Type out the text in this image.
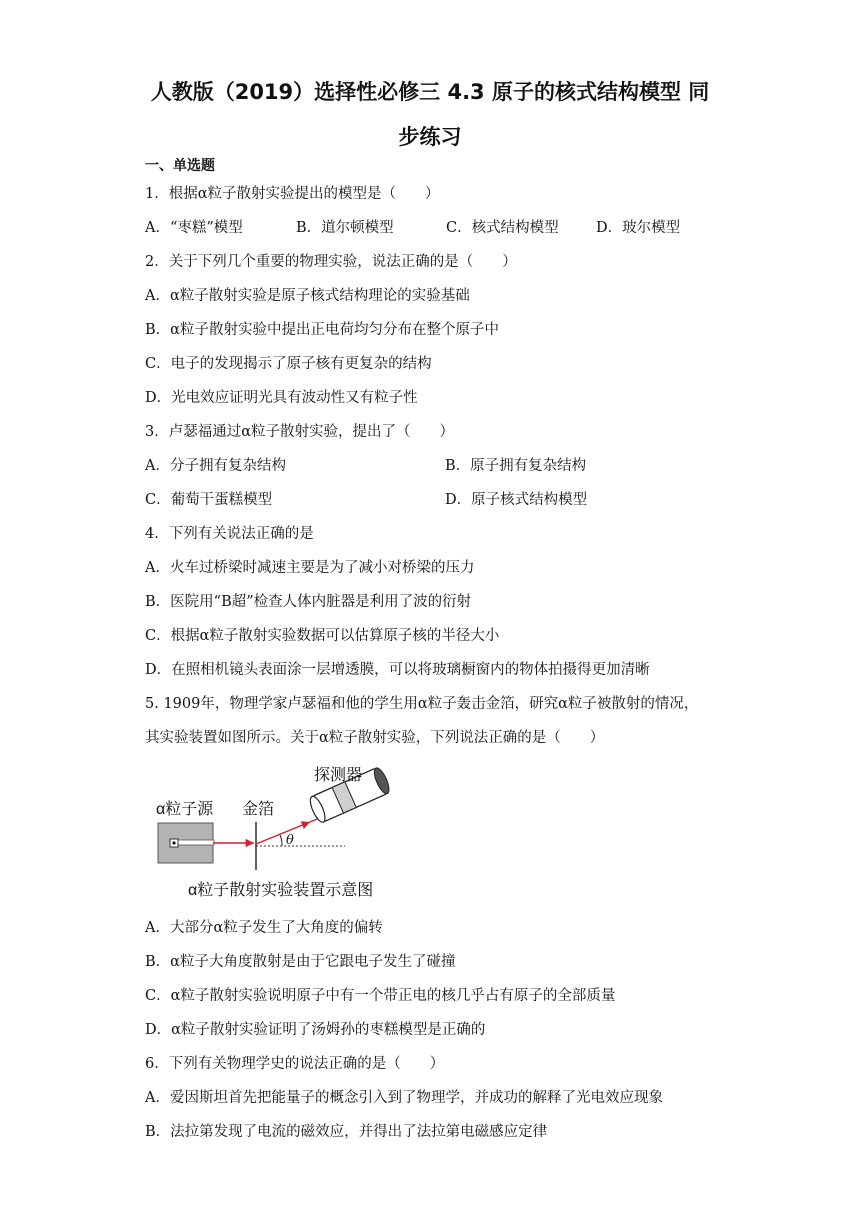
人教版（2019）选择性必修三 4.3 原子的核式结构模型 同
步练习
一、单选题
1．根据α粒子散射实验提出的模型是（　　）
A．“枣糕”模型	B．道尔顿模型	C．核式结构模型	D．玻尔模型
2．关于下列几个重要的物理实验，说法正确的是（　　）
A．α粒子散射实验是原子核式结构理论的实验基础
B．α粒子散射实验中提出正电荷均匀分布在整个原子中
C．电子的发现揭示了原子核有更复杂的结构
D．光电效应证明光具有波动性又有粒子性
3．卢瑟福通过α粒子散射实验，提出了（　　）
A．分子拥有复杂结构	B．原子拥有复杂结构
C．葡萄干蛋糕模型	D．原子核式结构模型
4．下列有关说法正确的是
A．火车过桥梁时减速主要是为了减小对桥梁的压力
B．医院用“B超”检查人体内脏器是利用了波的衍射
C．根据α粒子散射实验数据可以估算原子核的半径大小
D．在照相机镜头表面涂一层增透膜，可以将玻璃橱窗内的物体拍摄得更加清晰
5. 1909年，物理学家卢瑟福和他的学生用α粒子轰击金箔，研究α粒子被散射的情况，
其实验装置如图所示。关于α粒子散射实验，下列说法正确的是（　　）
θ
α粒子源 金箔
探测器
α粒子散射实验装置示意图
A．大部分α粒子发生了大角度的偏转
B．α粒子大角度散射是由于它跟电子发生了碰撞
C．α粒子散射实验说明原子中有一个带正电的核几乎占有原子的全部质量
D．α粒子散射实验证明了汤姆孙的枣糕模型是正确的
6．下列有关物理学史的说法正确的是（　　）
A．爱因斯坦首先把能量子的概念引入到了物理学，并成功的解释了光电效应现象
B．法拉第发现了电流的磁效应，并得出了法拉第电磁感应定律
